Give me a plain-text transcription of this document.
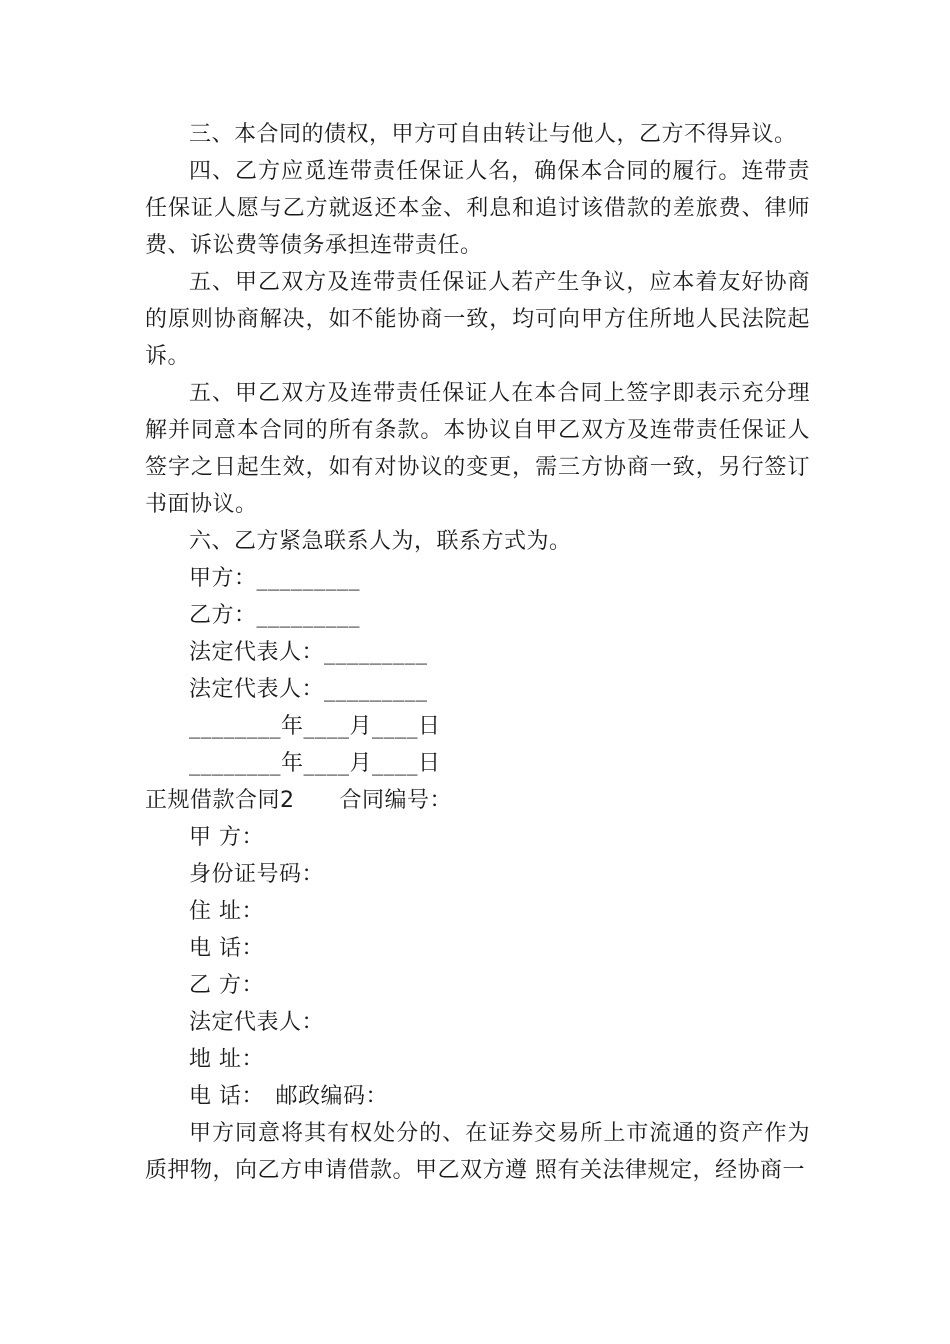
三、本合同的债权，甲方可自由转让与他人，乙方不得异议。

四、乙方应觅连带责任保证人名，确保本合同的履行。连带责任保证人愿与乙方就返还本金、利息和追讨该借款的差旅费、律师费、诉讼费等债务承担连带责任。

五、甲乙双方及连带责任保证人若产生争议，应本着友好协商的原则协商解决，如不能协商一致，均可向甲方住所地人民法院起诉。

五、甲乙双方及连带责任保证人在本合同上签字即表示充分理解并同意本合同的所有条款。本协议自甲乙双方及连带责任保证人签字之日起生效，如有对协议的变更，需三方协商一致，另行签订书面协议。

六、乙方紧急联系人为，联系方式为。

甲方：_________

乙方：_________

法定代表人：_________

法定代表人：_________

________年____月____日

________年____月____日

正规借款合同2　　合同编号：

甲 方：

身份证号码：

住 址：

电 话：

乙 方：

法定代表人：

地 址：

电 话：　邮政编码：

甲方同意将其有权处分的、在证券交易所上市流通的资产作为质押物，向乙方申请借款。甲乙双方遵 照有关法律规定，经协商一
